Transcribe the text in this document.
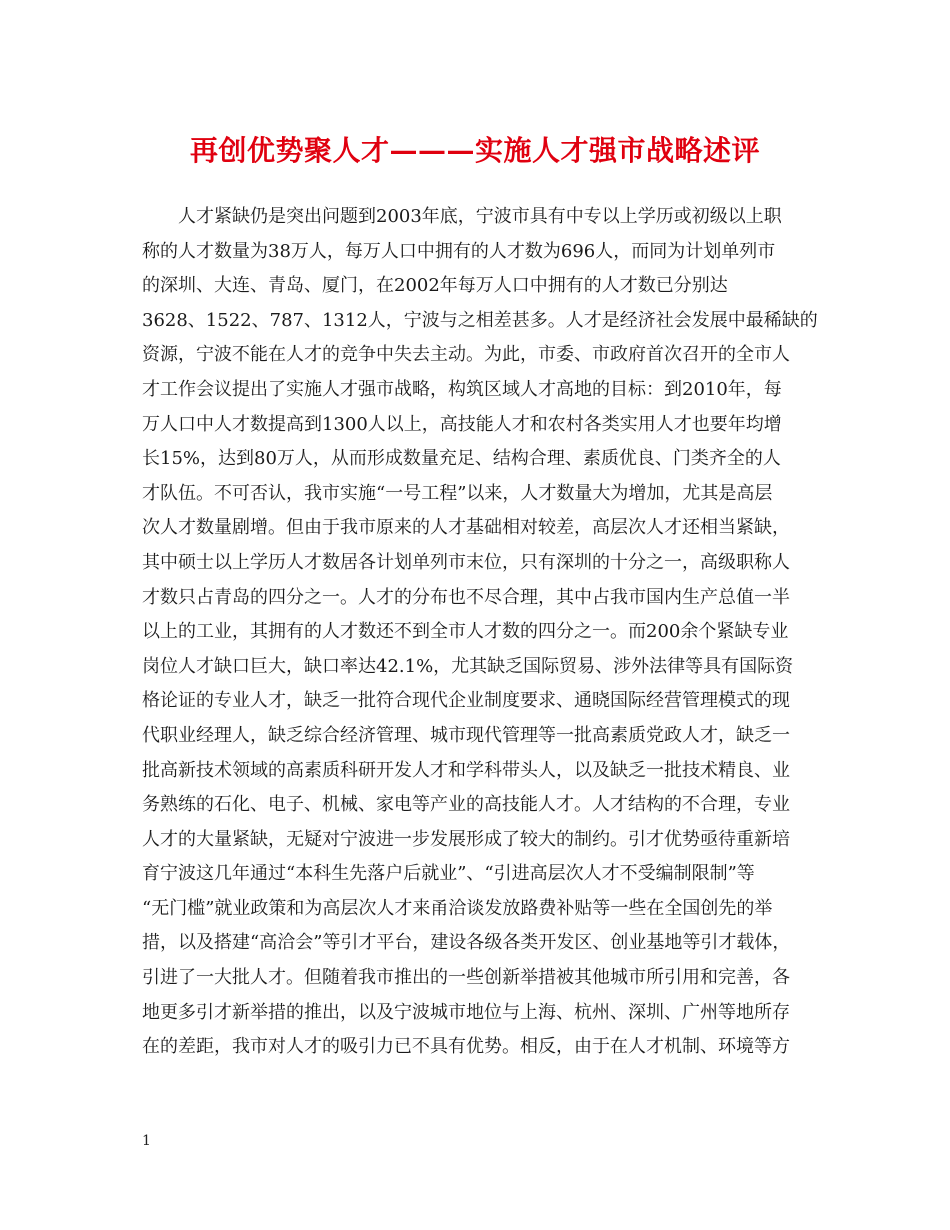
再创优势聚人才———实施人才强市战略述评
人才紧缺仍是突出问题到2003年底，宁波市具有中专以上学历或初级以上职
称的人才数量为38万人，每万人口中拥有的人才数为696人，而同为计划单列市
的深圳、大连、青岛、厦门，在2002年每万人口中拥有的人才数已分别达
3628、1522、787、1312人，宁波与之相差甚多。人才是经济社会发展中最稀缺的
资源，宁波不能在人才的竞争中失去主动。为此，市委、市政府首次召开的全市人
才工作会议提出了实施人才强市战略，构筑区域人才高地的目标：到2010年，每
万人口中人才数提高到1300人以上，高技能人才和农村各类实用人才也要年均增
长15%，达到80万人，从而形成数量充足、结构合理、素质优良、门类齐全的人
才队伍。不可否认，我市实施“一号工程”以来，人才数量大为增加，尤其是高层
次人才数量剧增。但由于我市原来的人才基础相对较差，高层次人才还相当紧缺，
其中硕士以上学历人才数居各计划单列市末位，只有深圳的十分之一，高级职称人
才数只占青岛的四分之一。人才的分布也不尽合理，其中占我市国内生产总值一半
以上的工业，其拥有的人才数还不到全市人才数的四分之一。而200余个紧缺专业
岗位人才缺口巨大，缺口率达42.1%，尤其缺乏国际贸易、涉外法律等具有国际资
格论证的专业人才，缺乏一批符合现代企业制度要求、通晓国际经营管理模式的现
代职业经理人，缺乏综合经济管理、城市现代管理等一批高素质党政人才，缺乏一
批高新技术领域的高素质科研开发人才和学科带头人，以及缺乏一批技术精良、业
务熟练的石化、电子、机械、家电等产业的高技能人才。人才结构的不合理，专业
人才的大量紧缺，无疑对宁波进一步发展形成了较大的制约。引才优势亟待重新培
育宁波这几年通过“本科生先落户后就业”、“引进高层次人才不受编制限制”等
“无门槛”就业政策和为高层次人才来甬洽谈发放路费补贴等一些在全国创先的举
措，以及搭建“高洽会”等引才平台，建设各级各类开发区、创业基地等引才载体，
引进了一大批人才。但随着我市推出的一些创新举措被其他城市所引用和完善，各
地更多引才新举措的推出，以及宁波城市地位与上海、杭州、深圳、广州等地所存
在的差距，我市对人才的吸引力已不具有优势。相反，由于在人才机制、环境等方
1
